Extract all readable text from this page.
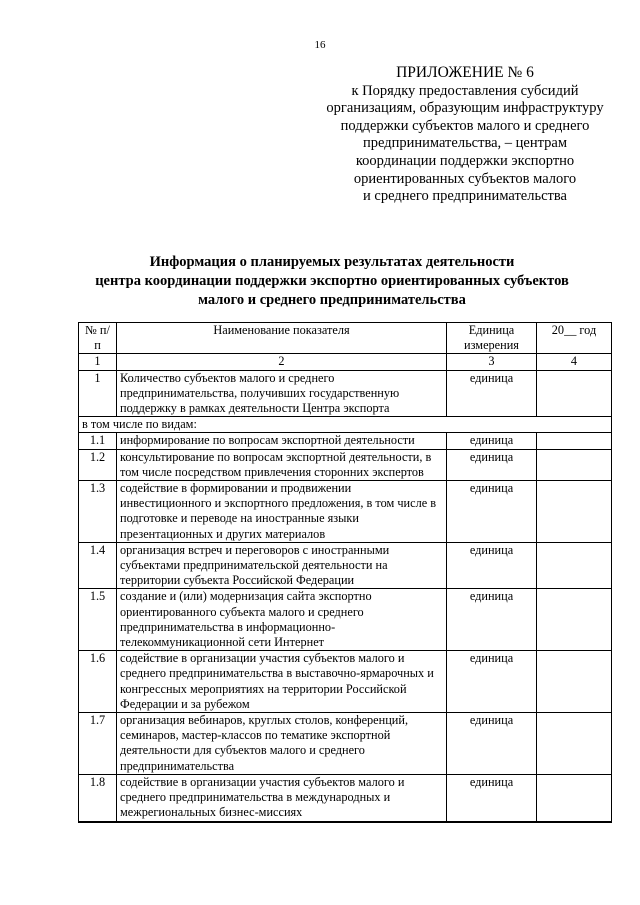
16
ПРИЛОЖЕНИЕ № 6
к Порядку предоставления субсидий
организациям, образующим инфраструктуру
поддержки субъектов малого и среднего
предпринимательства, – центрам
координации поддержки экспортно
ориентированных субъектов малого
и среднего предпринимательства
Информация о планируемых результатах деятельности
центра координации поддержки экспортно ориентированных субъектов
малого и среднего предпринимательства
№ п/п	Наименование показателя	Единица измерения	20__ год
1	2	3	4
1	Количество субъектов малого и среднего предпринимательства, получивших государственную поддержку в рамках деятельности Центра экспорта	единица	
в том числе по видам:			
1.1	информирование по вопросам экспортной деятельности	единица	
1.2	консультирование по вопросам экспортной деятельности, в том числе посредством привлечения сторонних экспертов	единица	
1.3	содействие в формировании и продвижении инвестиционного и экспортного предложения, в том числе в подготовке и переводе на иностранные языки презентационных и других материалов	единица	
1.4	организация встреч и переговоров с иностранными субъектами предпринимательской деятельности на территории субъекта Российской Федерации	единица	
1.5	создание и (или) модернизация сайта экспортно ориентированного субъекта малого и среднего предпринимательства в информационно-телекоммуникационной сети Интернет	единица	
1.6	содействие в организации участия субъектов малого и среднего предпринимательства в выставочно-ярмарочных и конгрессных мероприятиях на территории Российской Федерации и за рубежом	единица	
1.7	организация вебинаров, круглых столов, конференций, семинаров, мастер-классов по тематике экспортной деятельности для субъектов малого и среднего предпринимательства	единица	
1.8	содействие в организации участия субъектов малого и среднего предпринимательства в международных и межрегиональных бизнес-миссиях	единица	
